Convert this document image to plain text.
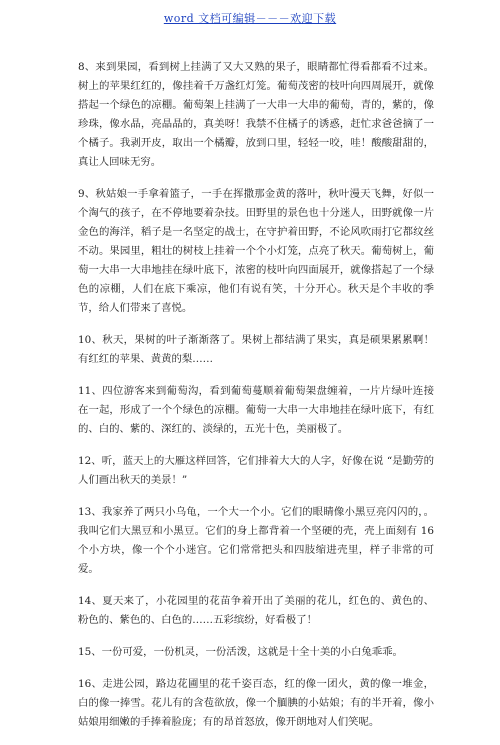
word 文档可编辑－－－欢迎下载

8、来到果园，看到树上挂满了又大又熟的果子，眼睛都忙得看都看不过来。树上的苹果红红的，像挂着千万盏红灯笼。葡萄茂密的枝叶向四周展开，就像搭起一个绿色的凉棚。葡萄架上挂满了一大串一大串的葡萄，青的，紫的，像珍珠，像水晶，亮晶晶的，真美呀！我禁不住橘子的诱惑，赶忙求爸爸摘了一个橘子。我剥开皮，取出一个橘瓣，放到口里，轻轻一咬，哇！酸酸甜甜的，真让人回味无穷。

9、秋姑娘一手拿着篮子，一手在挥撒那金黄的落叶，秋叶漫天飞舞，好似一个淘气的孩子，在不停地要着杂技。田野里的景色也十分迷人，田野就像一片金色的海洋，稻子是一名坚定的战士，在守护着田野，不论风吹雨打它都纹丝不动。果园里，粗壮的树枝上挂着一个个小灯笼，点亮了秋天。葡萄树上，葡萄一大串一大串地挂在绿叶底下，浓密的枝叶向四面展开，就像搭起了一个绿色的凉棚，人们在底下乘凉，他们有说有笑，十分开心。秋天是个丰收的季节，给人们带来了喜悦。

10、秋天，果树的叶子渐渐落了。果树上都结满了果实，真是硕果累累啊！有红红的苹果、黄黄的梨……

11、四位游客来到葡萄沟，看到葡萄蔓顺着葡萄架盘缠着，一片片绿叶连接在一起，形成了一个个绿色的凉棚。葡萄一大串一大串地挂在绿叶底下，有红的、白的、紫的、深红的、淡绿的，五光十色，美丽极了。

12、听，蓝天上的大雁这样回答，它们排着大大的人字，好像在说 “是勤劳的人们画出秋天的美景！”

13、我家养了两只小乌龟，一个大一个小。它们的眼睛像小黑豆亮闪闪的，。我叫它们大黑豆和小黑豆。它们的身上都背着一个坚硬的壳，壳上面刻有 16 个小方块，像一个个小迷宫。它们常常把头和四肢缩进壳里，样子非常的可爱。

14、夏天来了，小花园里的花苗争着开出了美丽的花儿，红色的、黄色的、粉色的、紫色的、白色的……五彩缤纷，好看极了！

15、一份可爱，一份机灵，一份活泼，这就是十全十美的小白兔乖乖。

16、走进公园，路边花圃里的花千姿百态，红的像一团火，黄的像一堆金，白的像一捧雪。花儿有的含苞欲放，像一个腼腆的小姑娘；有的半开着，像小姑娘用细嫩的手捧着脸庞；有的昂首怒放，像开朗地对人们笑呢。
